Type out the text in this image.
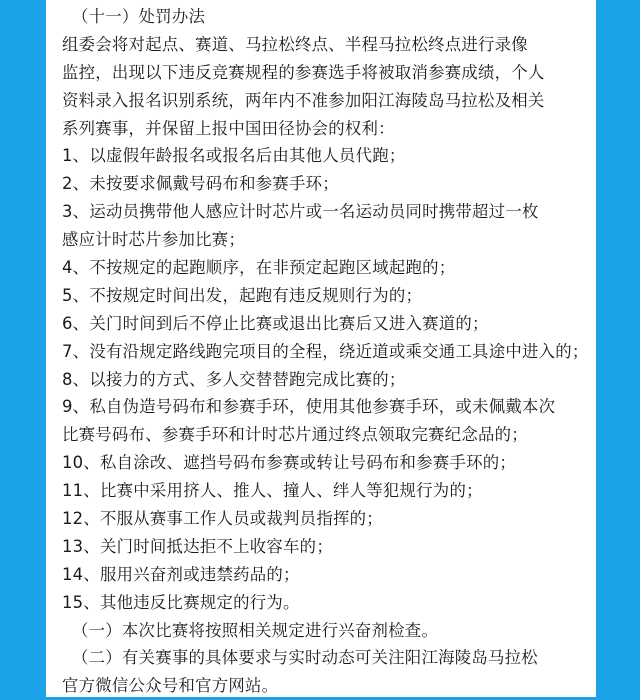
（十一）处罚办法
组委会将对起点、赛道、马拉松终点、半程马拉松终点进行录像
监控，出现以下违反竞赛规程的参赛选手将被取消参赛成绩，个人
资料录入报名识别系统，两年内不准参加阳江海陵岛马拉松及相关
系列赛事，并保留上报中国田径协会的权利：
1、以虚假年龄报名或报名后由其他人员代跑；
2、未按要求佩戴号码布和参赛手环；
3、运动员携带他人感应计时芯片或一名运动员同时携带超过一枚
感应计时芯片参加比赛；
4、不按规定的起跑顺序，在非预定起跑区域起跑的；
5、不按规定时间出发，起跑有违反规则行为的；
6、关门时间到后不停止比赛或退出比赛后又进入赛道的；
7、没有沿规定路线跑完项目的全程，绕近道或乘交通工具途中进入的；
8、以接力的方式、多人交替替跑完成比赛的；
9、私自伪造号码布和参赛手环，使用其他参赛手环，或未佩戴本次
比赛号码布、参赛手环和计时芯片通过终点领取完赛纪念品的；
10、私自涂改、遮挡号码布参赛或转让号码布和参赛手环的；
11、比赛中采用挤人、推人、撞人、绊人等犯规行为的；
12、不服从赛事工作人员或裁判员指挥的；
13、关门时间抵达拒不上收容车的；
14、服用兴奋剂或违禁药品的；
15、其他违反比赛规定的行为。
（一）本次比赛将按照相关规定进行兴奋剂检查。
（二）有关赛事的具体要求与实时动态可关注阳江海陵岛马拉松
官方微信公众号和官方网站。
